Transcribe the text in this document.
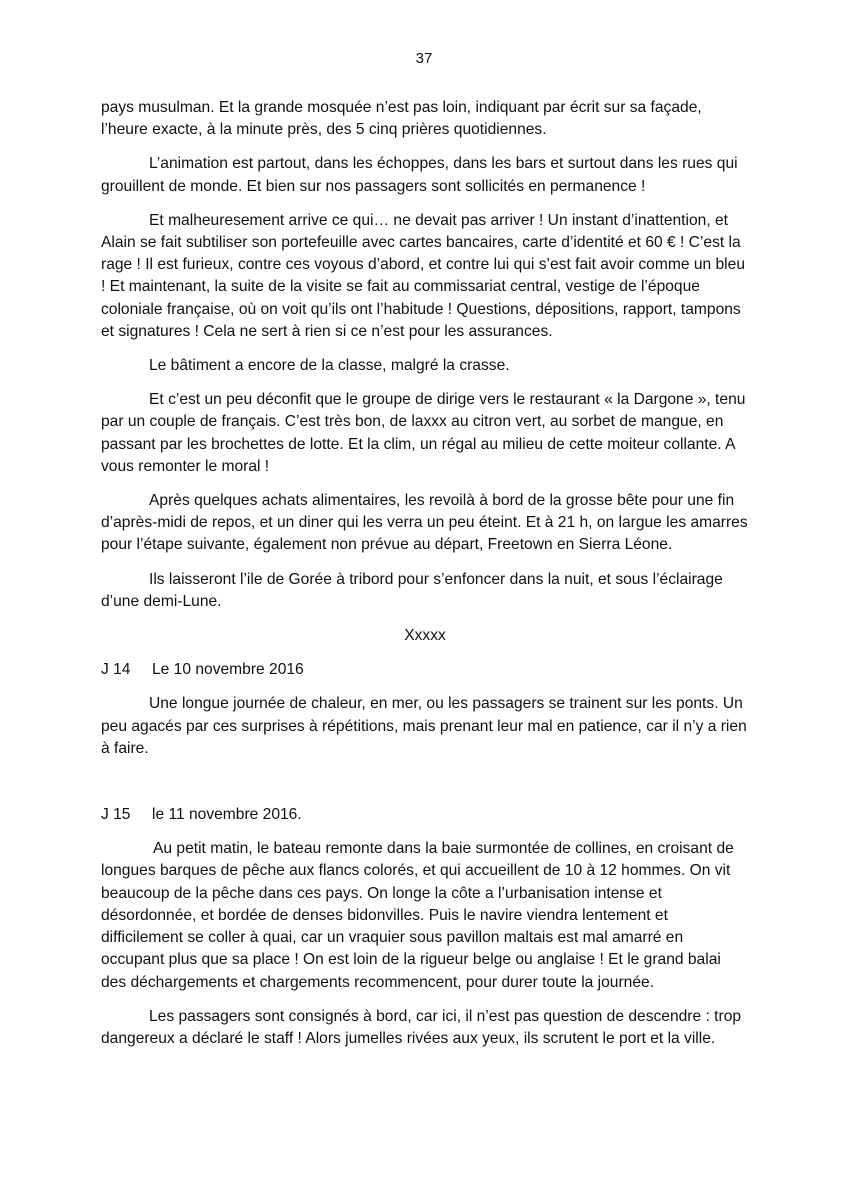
37

pays musulman. Et la grande mosquée n’est pas loin, indiquant par écrit sur sa façade, l’heure exacte, à la minute près, des 5 cinq prières quotidiennes.

L’animation est partout, dans les échoppes, dans les bars et surtout dans les rues qui grouillent de monde. Et bien sur nos passagers sont sollicités en permanence !

Et malheuresement arrive ce qui… ne devait pas arriver ! Un instant d’inattention, et Alain se fait subtiliser son portefeuille avec cartes bancaires, carte d’identité et 60 € ! C’est la rage ! Il est furieux, contre ces voyous d’abord, et contre lui qui s’est fait avoir comme un bleu ! Et maintenant, la suite de la visite se fait au commissariat central, vestige de l’époque coloniale française, où on voit qu’ils ont l’habitude ! Questions, dépositions, rapport, tampons et signatures ! Cela ne sert à rien si ce n’est pour les assurances.

Le bâtiment a encore de la classe, malgré la crasse.

Et c’est un peu déconfit que le groupe de dirige vers le restaurant « la Dargone », tenu par un couple de français. C’est très bon, de laxxx au citron vert, au sorbet de mangue, en passant par les brochettes de lotte. Et la clim, un régal au milieu de cette moiteur collante. A vous remonter le moral !

Après quelques achats alimentaires, les revoilà à bord de la grosse bête pour une fin d’après-midi de repos, et un diner qui les verra un peu éteint. Et à 21 h, on largue les amarres pour l’étape suivante, également non prévue au départ, Freetown en Sierra Léone.

Ils laisseront l’ile de Gorée à tribord pour s’enfoncer dans la nuit, et sous l’éclairage d’une demi-Lune.

Xxxxx

J 14	Le 10 novembre 2016

Une longue journée de chaleur, en mer, ou les passagers se trainent sur les ponts. Un peu agacés par ces surprises à répétitions, mais prenant leur mal en patience, car il n’y a rien à faire.

J 15	le 11 novembre 2016.

Au petit matin, le bateau remonte dans la baie surmontée de collines, en croisant de longues barques de pêche aux flancs colorés, et qui accueillent de 10 à 12 hommes. On vit beaucoup de la pêche dans ces pays. On longe la côte a l’urbanisation intense et désordonnée, et bordée de denses bidonvilles. Puis le navire viendra lentement et difficilement se coller à quai, car un vraquier sous pavillon maltais est mal amarré en occupant plus que sa place ! On est loin de la rigueur belge ou anglaise ! Et le grand balai des déchargements et chargements recommencent, pour durer toute la journée.

Les passagers sont consignés à bord, car ici, il n’est pas question de descendre : trop dangereux a déclaré le staff ! Alors jumelles rivées aux yeux, ils scrutent le port et la ville.
